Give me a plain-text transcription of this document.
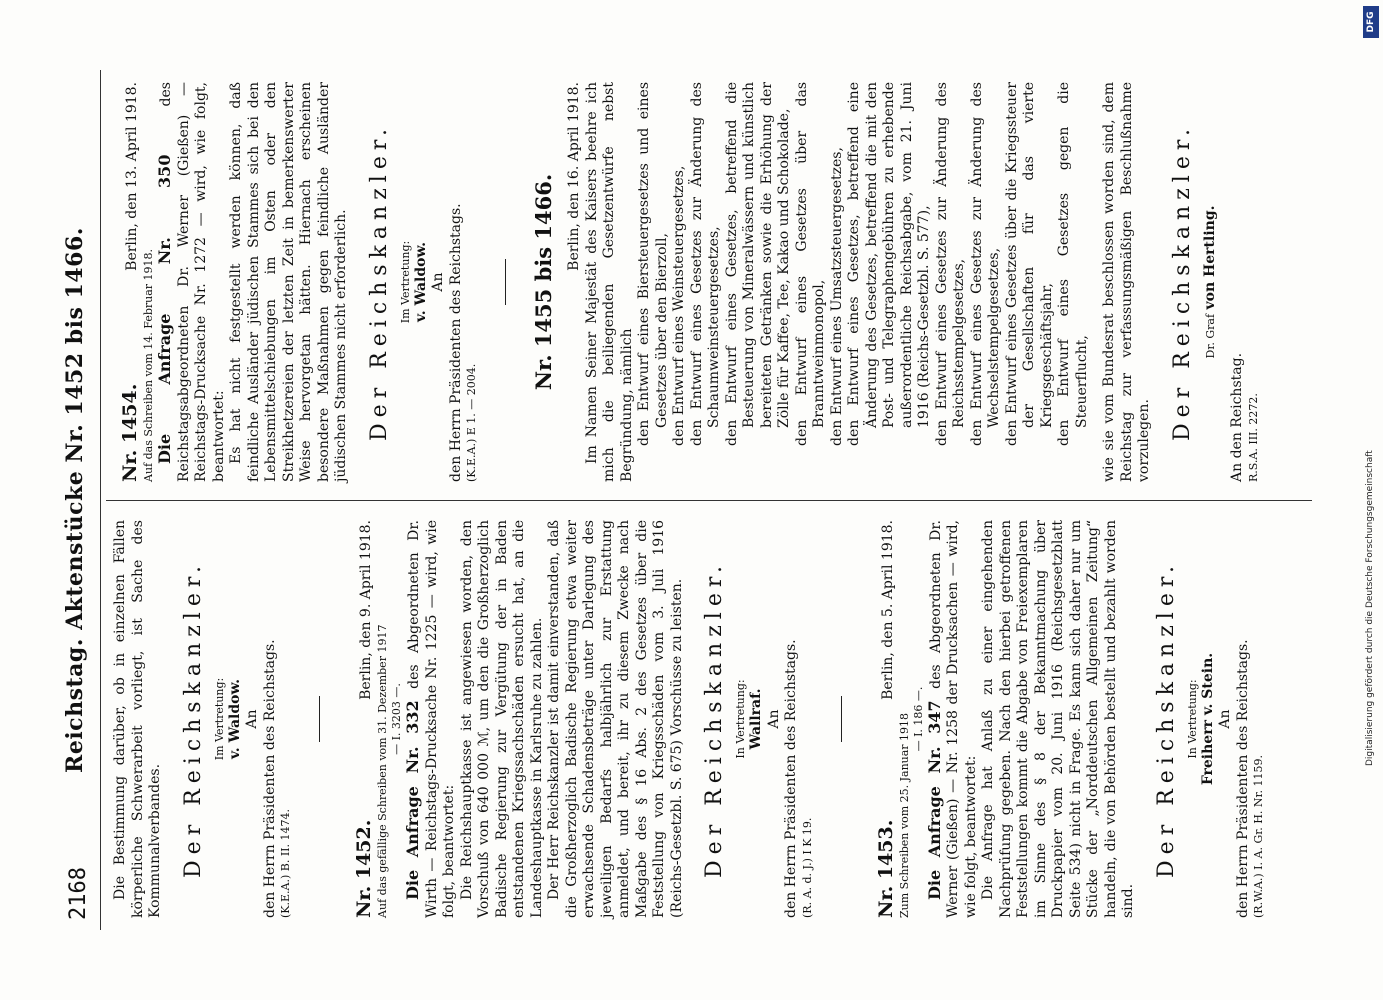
2168
Reichstag. Aktenstücke Nr. 1452 bis 1466. Die Bestimmung darüber, ob in einzelnen Fällen körperliche Schwerarbeit vorliegt, ist Sache des Kommunalverbandes. Der Reichskanzler. Im Vertretung: v. Waldow. An den Herrn Präsidenten des Reichstags. (K.E.A.) B. II. 1474.	Nr. 1452.
Berlin, den 9. April 1918.

Auf das gefällige Schreiben vom 31. Dezember 1917 — I. 3203 —. Die Anfrage Nr. 332 des Abgeordneten Dr. Wirth — Reichstags-Drucksache Nr. 1225 — wird, wie folgt, beantwortet: Die Reichshauptkasse ist angewiesen worden, den Vorschuß von 640 000 ℳ, um den die Großherzoglich Badische Regierung zur Vergütung der in Baden entstandenen Kriegssachschäden ersucht hat, an die Landeshauptkasse in Karlsruhe zu zahlen. Der Herr Reichskanzler ist damit einverstanden, daß die Großherzoglich Badische Regierung etwa weiter erwachsende Schadensbeträge unter Darlegung des jeweiligen Bedarfs halbjährlich zur Erstattung anmeldet, und bereit, ihr zu diesem Zwecke nach Maßgabe des § 16 Abs. 2 des Gesetzes über die Feststellung von Kriegsschäden vom 3. Juli 1916 (Reichs-Gesetzbl. S. 675) Vorschüsse zu leisten. Der Reichskanzler. In Vertretung: Wallraf. An den Herrn Präsidenten des Reichstags. (R. A. d. J.) I K 19.	Nr. 1453.
Berlin, den 5. April 1918.

Zum Schreiben vom 25. Januar 1918 — I. 186 —. Die Anfrage Nr. 347 des Abgeordneten Dr. Werner (Gießen) — Nr. 1258 der Drucksachen — wird, wie folgt, beantwortet: Die Anfrage hat Anlaß zu einer eingehenden Nachprüfung gegeben. Nach den hierbei getroffenen Feststellungen kommt die Abgabe von Freiexemplaren im Sinne des § 8 der Bekanntmachung über Druckpapier vom 20. Juni 1916 (Reichsgesetzblatt Seite 534) nicht in Frage. Es kann sich daher nur um Stücke der „Norddeutschen Allgemeinen Zeitung“ handeln, die von Behörden bestellt und bezahlt worden sind.

Der Reichskanzler. In Vertretung: Freiherr v. Stein. An den Herrn Präsidenten des Reichstags. (R.W.A.) I. A. Gr. H. Nr. 1159.

Nr. 1454.
Berlin, den 13. April 1918.

Auf das Schreiben vom 14. Februar 1918. Die Anfrage Nr. 350 des Reichstagsabgeordneten Dr. Werner (Gießen) — Reichstags-Drucksache Nr. 1272 — wird, wie folgt, beantwortet: Es hat nicht festgestellt werden können, daß feindliche Ausländer jüdischen Stammes sich bei den Lebensmittelschiebungen im Osten oder den Streikhetzereien der letzten Zeit in bemerkenswerter Weise hervorgetan hätten. Hiernach erscheinen besondere Maßnahmen gegen feindliche Ausländer jüdischen Stammes nicht erforderlich. Der Reichskanzler. Im Vertretung: v. Waldow. An den Herrn Präsidenten des Reichstags. (K.E.A.) E 1. — 2004.

Nr. 1455 bis 1466. Berlin, den 16. April 1918. Im Namen Seiner Majestät des Kaisers beehre ich mich die beiliegenden Gesetzentwürfe nebst Begründung, nämlich den Entwurf eines Biersteuergesetzes und eines Gesetzes über den Bierzoll, den Entwurf eines Weinsteuergesetzes, den Entwurf eines Gesetzes zur Änderung des Schaumweinsteuergesetzes, den Entwurf eines Gesetzes, betreffend die Besteuerung von Mineralwässern und künstlich bereiteten Getränken sowie die Erhöhung der Zölle für Kaffee, Tee, Kakao und Schokolade, den Entwurf eines Gesetzes über das Branntweinmonopol, den Entwurf eines Umsatzsteuergesetzes, den Entwurf eines Gesetzes, betreffend eine Änderung des Gesetzes, betreffend die mit den Post- und Telegraphengebühren zu erhebende außerordentliche Reichsabgabe, vom 21. Juni 1916 (Reichs-Gesetzbl. S. 577), den Entwurf eines Gesetzes zur Änderung des Reichsstempelgesetzes, den Entwurf eines Gesetzes zur Änderung des Wechselstempelgesetzes, den Entwurf eines Gesetzes über die Kriegssteuer der Gesellschaften für das vierte Kriegsgeschäftsjahr, den Entwurf eines Gesetzes gegen die Steuerflucht, wie sie vom Bundesrat beschlossen worden sind, dem Reichstag zur verfassungsmäßigen Beschlußnahme vorzulegen. Der Reichskanzler. Dr. Graf von Hertling.

An den Reichstag. R.S.A. III. 2272.

DFG
Digitalisierung gefördert durch die Deutsche Forschungsgemeinschaft
